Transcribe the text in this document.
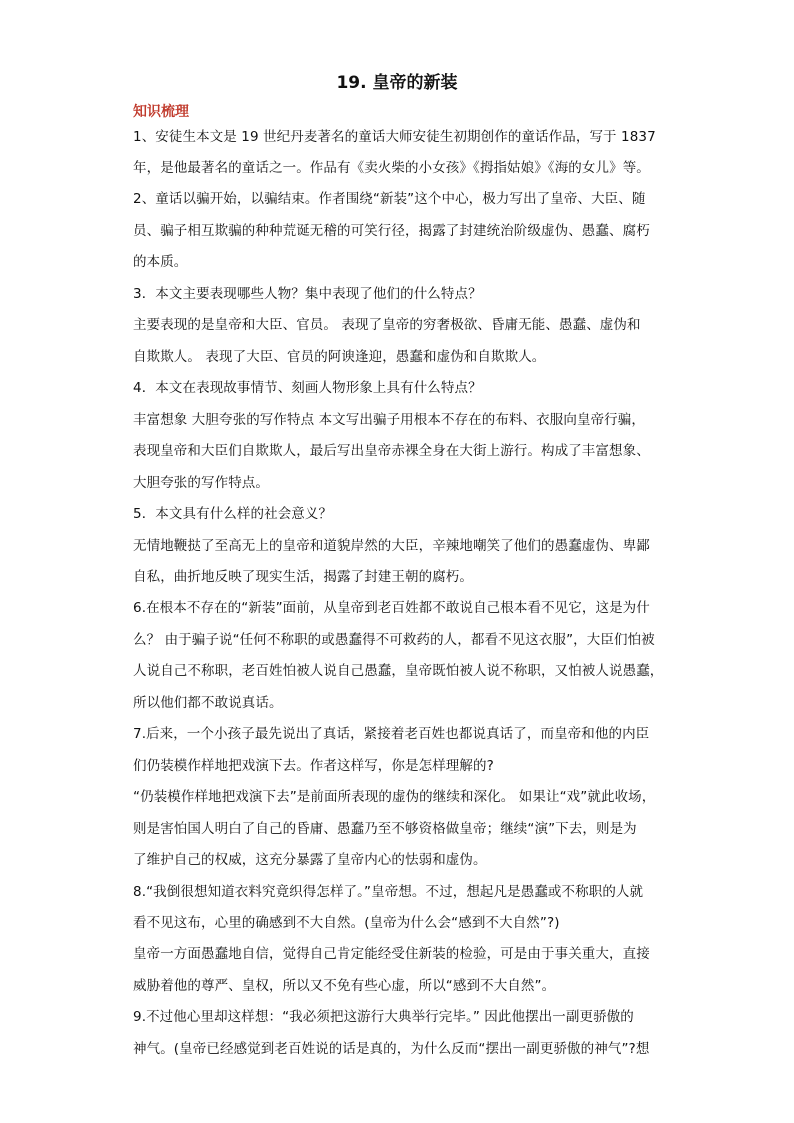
19. 皇帝的新装
知识梳理
1、安徒生本文是 19 世纪丹麦著名的童话大师安徒生初期创作的童话作品，写于 1837
年，是他最著名的童话之一。作品有《卖火柴的小女孩》《拇指姑娘》《海的女儿》等。
2、童话以骗开始，以骗结束。作者围绕“新装”这个中心，极力写出了皇帝、大臣、随
员、骗子相互欺骗的种种荒诞无稽的可笑行径，揭露了封建统治阶级虚伪、愚蠢、腐朽
的本质。
3．本文主要表现哪些人物？集中表现了他们的什么特点？
主要表现的是皇帝和大臣、官员。 表现了皇帝的穷奢极欲、昏庸无能、愚蠢、虚伪和
自欺欺人。 表现了大臣、官员的阿谀逢迎，愚蠢和虚伪和自欺欺人。
4．本文在表现故事情节、刻画人物形象上具有什么特点？
丰富想象 大胆夸张的写作特点 本文写出骗子用根本不存在的布料、衣服向皇帝行骗，
表现皇帝和大臣们自欺欺人，最后写出皇帝赤裸全身在大街上游行。构成了丰富想象、
大胆夸张的写作特点。
5．本文具有什么样的社会意义？
无情地鞭挞了至高无上的皇帝和道貌岸然的大臣，辛辣地嘲笑了他们的愚蠢虚伪、卑鄙
自私，曲折地反映了现实生活，揭露了封建王朝的腐朽。
6.在根本不存在的“新装”面前，从皇帝到老百姓都不敢说自己根本看不见它，这是为什
么？ 由于骗子说“任何不称职的或愚蠢得不可救药的人，都看不见这衣服”，大臣们怕被
人说自己不称职，老百姓怕被人说自己愚蠢，皇帝既怕被人说不称职，又怕被人说愚蠢，
所以他们都不敢说真话。
7.后来，一个小孩子最先说出了真话，紧接着老百姓也都说真话了，而皇帝和他的内臣
们仍装模作样地把戏演下去。作者这样写，你是怎样理解的?
“仍装模作样地把戏演下去”是前面所表现的虚伪的继续和深化。 如果让“戏”就此收场，
则是害怕国人明白了自己的昏庸、愚蠢乃至不够资格做皇帝；继续“演”下去，则是为
了维护自己的权威，这充分暴露了皇帝内心的怯弱和虚伪。
8.“我倒很想知道衣料究竟织得怎样了。”皇帝想。不过，想起凡是愚蠢或不称职的人就
看不见这布，心里的确感到不大自然。(皇帝为什么会“感到不大自然”?)
皇帝一方面愚蠢地自信，觉得自己肯定能经受住新装的检验，可是由于事关重大，直接
威胁着他的尊严、皇权，所以又不免有些心虚，所以“感到不大自然”。
9.不过他心里却这样想：“我必须把这游行大典举行完毕。” 因此他摆出一副更骄傲的
神气。(皇帝已经感觉到老百姓说的话是真的，为什么反而“摆出一副更骄傲的神气”?想
